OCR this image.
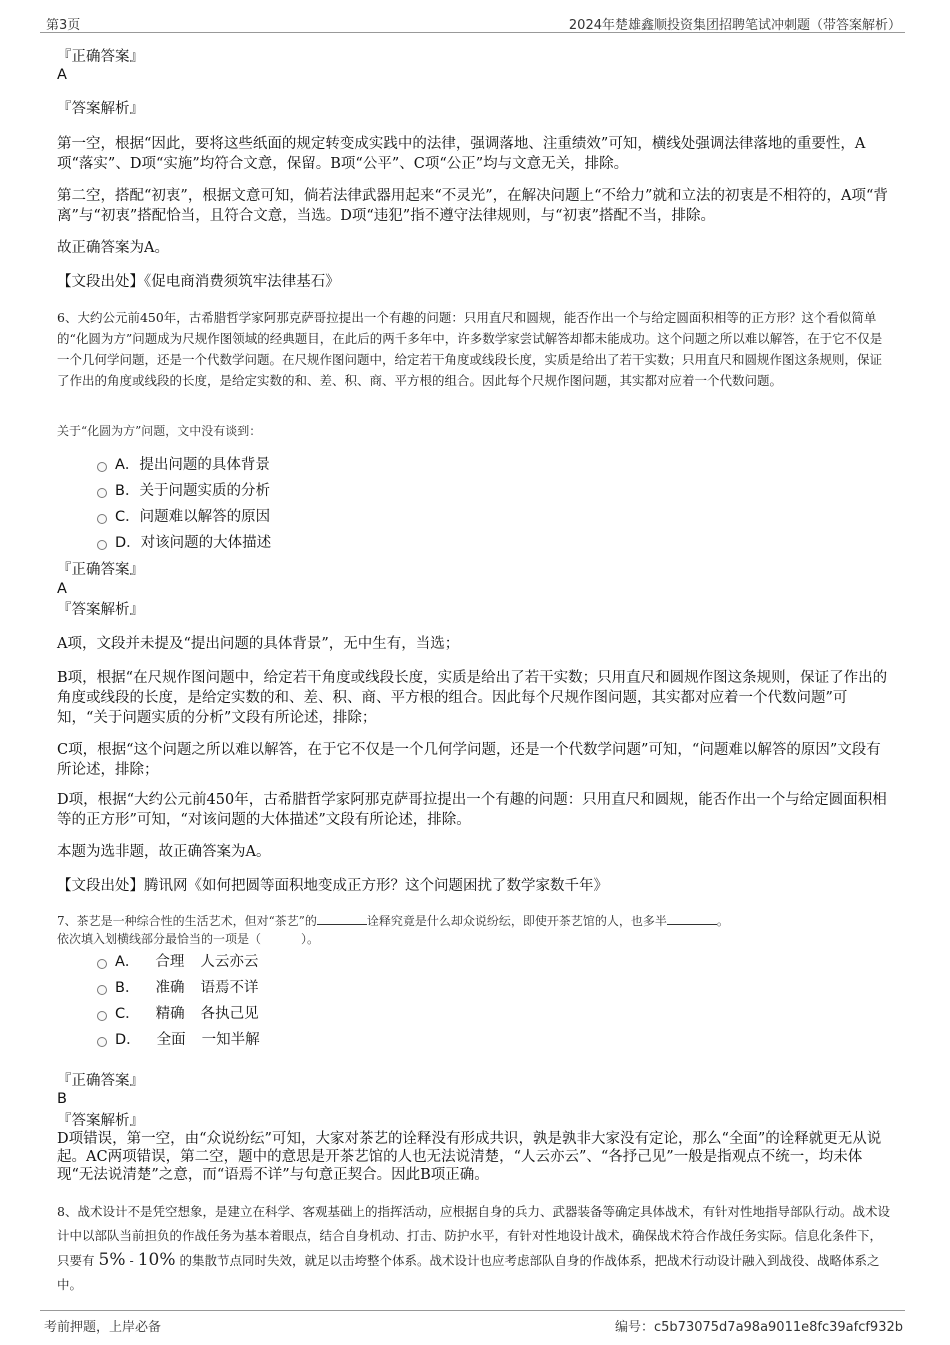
第3页	2024年楚雄鑫顺投资集团招聘笔试冲刺题（带答案解析）
『正确答案』
A
『答案解析』
第一空，根据“因此，要将这些纸面的规定转变成实践中的法律，强调落地、注重绩效”可知，横线处强调法律落地的重要性，A项“落实”、D项“实施”均符合文意，保留。B项“公平”、C项“公正”均与文意无关，排除。
第二空，搭配“初衷”，根据文意可知，倘若法律武器用起来“不灵光”，在解决问题上“不给力”就和立法的初衷是不相符的，A项“背离”与“初衷”搭配恰当，且符合文意，当选。D项“违犯”指不遵守法律规则，与“初衷”搭配不当，排除。
故正确答案为A。
【文段出处】《促电商消费须筑牢法律基石》
6、大约公元前450年，古希腊哲学家阿那克萨哥拉提出一个有趣的问题：只用直尺和圆规，能否作出一个与给定圆面积相等的正方形？这个看似简单的“化圆为方”问题成为尺规作图领域的经典题目，在此后的两千多年中，许多数学家尝试解答却都未能成功。这个问题之所以难以解答，在于它不仅是一个几何学问题，还是一个代数学问题。在尺规作图问题中，给定若干角度或线段长度，实质是给出了若干实数；只用直尺和圆规作图这条规则，保证了作出的角度或线段的长度，是给定实数的和、差、积、商、平方根的组合。因此每个尺规作图问题，其实都对应着一个代数问题。
关于“化圆为方”问题，文中没有谈到：
A． 提出问题的具体背景
B． 关于问题实质的分析
C． 问题难以解答的原因
D． 对该问题的大体描述
『正确答案』
A
『答案解析』
A项，文段并未提及“提出问题的具体背景”，无中生有，当选；
B项，根据“在尺规作图问题中，给定若干角度或线段长度，实质是给出了若干实数；只用直尺和圆规作图这条规则，保证了作出的角度或线段的长度，是给定实数的和、差、积、商、平方根的组合。因此每个尺规作图问题，其实都对应着一个代数问题”可知，“关于问题实质的分析”文段有所论述，排除；
C项，根据“这个问题之所以难以解答，在于它不仅是一个几何学问题，还是一个代数学问题”可知，“问题难以解答的原因”文段有所论述，排除；
D项，根据“大约公元前450年，古希腊哲学家阿那克萨哥拉提出一个有趣的问题：只用直尺和圆规，能否作出一个与给定圆面积相等的正方形”可知，“对该问题的大体描述”文段有所论述，排除。
本题为选非题，故正确答案为A。
【文段出处】腾讯网《如何把圆等面积地变成正方形？这个问题困扰了数学家数千年》
7、茶艺是一种综合性的生活艺术，但对“茶艺”的	诠释究竟是什么却众说纷纭，即使开茶艺馆的人，也多半	。
依次填入划横线部分最恰当的一项是（	）。
A． 合理 人云亦云
B． 准确 语焉不详
C． 精确 各执己见
D． 全面 一知半解
『正确答案』
B
『答案解析』
D项错误，第一空，由“众说纷纭”可知，大家对茶艺的诠释没有形成共识，孰是孰非大家没有定论，那么“全面”的诠释就更无从说起。AC两项错误，第二空，题中的意思是开茶艺馆的人也无法说清楚，“人云亦云”、“各抒己见”一般是指观点不统一，均未体现“无法说清楚”之意，而“语焉不详”与句意正契合。因此B项正确。
8、战术设计不是凭空想象，是建立在科学、客观基础上的指挥活动，应根据自身的兵力、武器装备等确定具体战术，有针对性地指导部队行动。战术设计中以部队当前担负的作战任务为基本着眼点，结合自身机动、打击、防护水平，有针对性地设计战术，确保战术符合作战任务实际。信息化条件下，只要有 5% - 10% 的集散节点同时失效，就足以击垮整个体系。战术设计也应考虑部队自身的作战体系，把战术行动设计融入到战役、战略体系之中。
考前押题，上岸必备	编号：c5b73075d7a98a9011e8fc39afcf932b
